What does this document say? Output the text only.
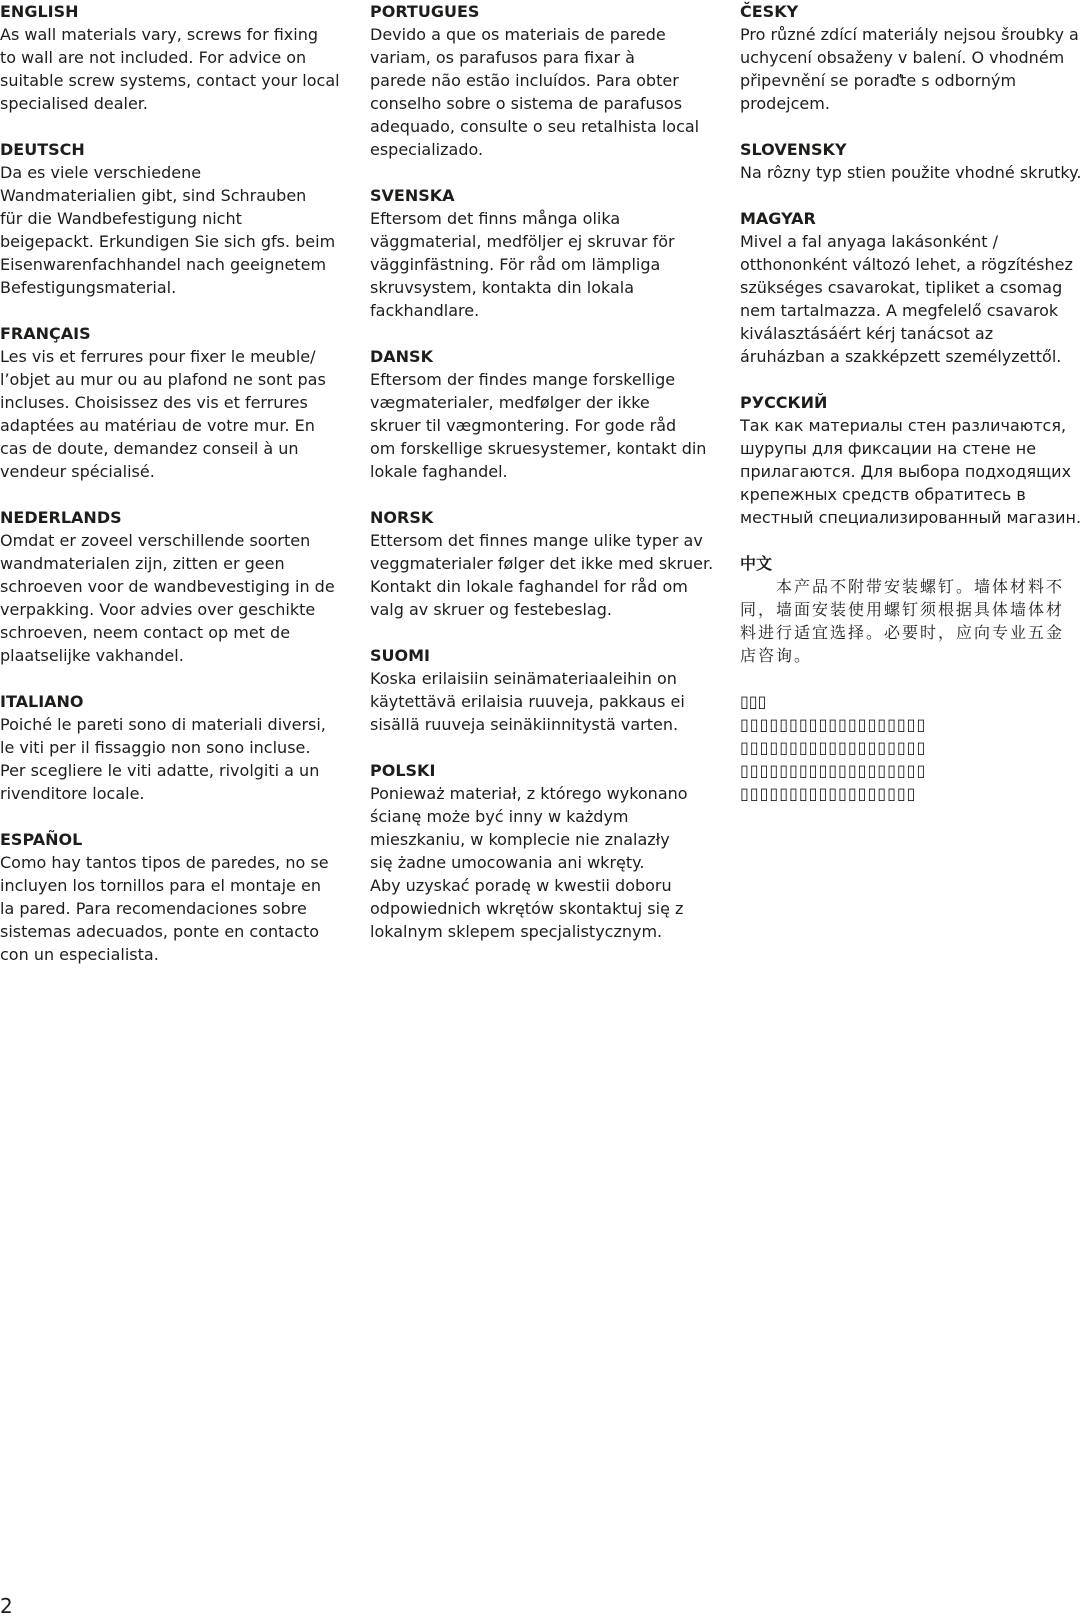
ENGLISH
As wall materials vary, screws for fixing
to wall are not included. For advice on
suitable screw systems, contact your local
specialised dealer.
DEUTSCH
Da es viele verschiedene
Wandmaterialien gibt, sind Schrauben
für die Wandbefestigung nicht
beigepackt. Erkundigen Sie sich gfs. beim
Eisenwarenfachhandel nach geeignetem
Befestigungsmaterial.
FRANÇAIS
Les vis et ferrures pour fixer le meuble/
l’objet au mur ou au plafond ne sont pas
incluses. Choisissez des vis et ferrures
adaptées au matériau de votre mur. En
cas de doute, demandez conseil à un
vendeur spécialisé.
NEDERLANDS
Omdat er zoveel verschillende soorten
wandmaterialen zijn, zitten er geen
schroeven voor de wandbevestiging in de
verpakking. Voor advies over geschikte
schroeven, neem contact op met de
plaatselijke vakhandel.
ITALIANO
Poiché le pareti sono di materiali diversi,
le viti per il fissaggio non sono incluse.
Per scegliere le viti adatte, rivolgiti a un
rivenditore locale.
ESPAÑOL
Como hay tantos tipos de paredes, no se
incluyen los tornillos para el montaje en
la pared. Para recomendaciones sobre
sistemas adecuados, ponte en contacto
con un especialista.
PORTUGUES
Devido a que os materiais de parede
variam, os parafusos para fixar à
parede não estão incluídos. Para obter
conselho sobre o sistema de parafusos
adequado, consulte o seu retalhista local
especializado.
SVENSKA
Eftersom det finns många olika
väggmaterial, medföljer ej skruvar för
vägginfästning. För råd om lämpliga
skruvsystem, kontakta din lokala
fackhandlare.
DANSK
Eftersom der findes mange forskellige
vægmaterialer, medfølger der ikke
skruer til vægmontering. For gode råd
om forskellige skruesystemer, kontakt din
lokale faghandel.
NORSK
Ettersom det finnes mange ulike typer av
veggmaterialer følger det ikke med skruer.
Kontakt din lokale faghandel for råd om
valg av skruer og festebeslag.
SUOMI
Koska erilaisiin seinämateriaaleihin on
käytettävä erilaisia ruuveja, pakkaus ei
sisällä ruuveja seinäkiinnitystä varten.
POLSKI
Ponieważ materiał, z którego wykonano
ścianę może być inny w każdym
mieszkaniu, w komplecie nie znalazły
się żadne umocowania ani wkręty.
Aby uzyskać poradę w kwestii doboru
odpowiednich wkrętów skontaktuj się z
lokalnym sklepem specjalistycznym.
ČESKY
Pro různé zdící materiály nejsou šroubky a
uchycení obsaženy v balení. O vhodném
připevnění se poraďte s odborným
prodejcem.
SLOVENSKY
Na rôzny typ stien použite vhodné skrutky.
MAGYAR
Mivel a fal anyaga lakásonként /
otthononként változó lehet, a rögzítéshez
szükséges csavarokat, tipliket a csomag
nem tartalmazza. A megfelelő csavarok
kiválasztásáért kérj tanácsot az
áruházban a szakképzett személyzettől.
РУССКИЙ
Так как материалы стен различаются,
шурупы для фиксации на стене не
прилагаются. Для выбора подходящих
крепежных средств обратитесь в
местный специализированный магазин.
中文
　　本产品不附带安装螺钉。墙体材料不
同，墙面安装使用螺钉须根据具体墙体材
料进行适宜选择。必要时，应向专业五金
店咨询。
▯▯▯
▯▯▯▯▯▯▯▯▯▯▯▯▯▯▯▯▯▯▯
▯▯▯▯▯▯▯▯▯▯▯▯▯▯▯▯▯▯▯
▯▯▯▯▯▯▯▯▯▯▯▯▯▯▯▯▯▯▯
▯▯▯▯▯▯▯▯▯▯▯▯▯▯▯▯▯▯
2
